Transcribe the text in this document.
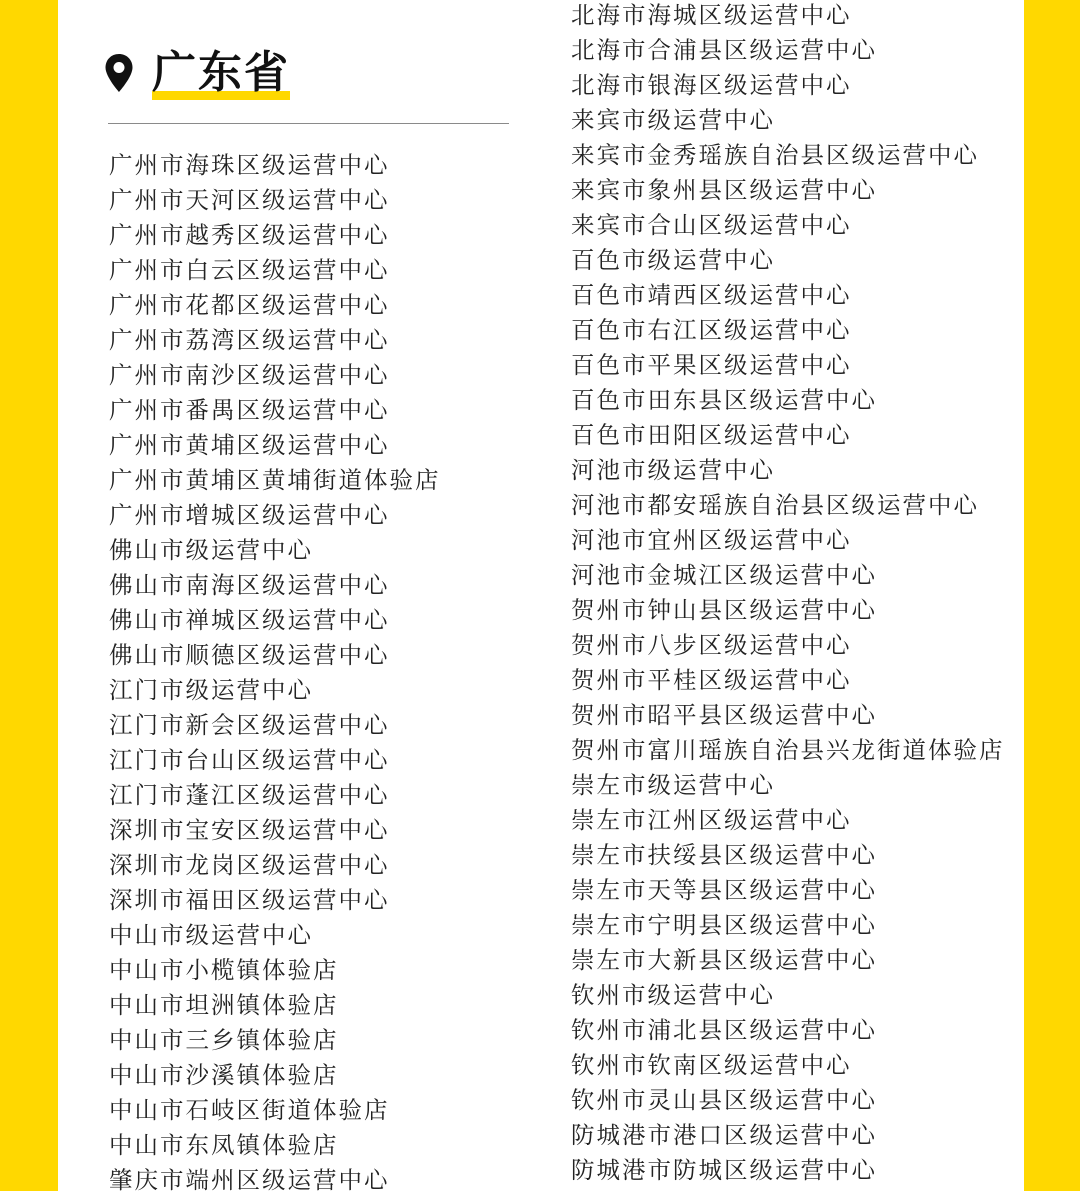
广东省
广州市海珠区级运营中心
广州市天河区级运营中心
广州市越秀区级运营中心
广州市白云区级运营中心
广州市花都区级运营中心
广州市荔湾区级运营中心
广州市南沙区级运营中心
广州市番禺区级运营中心
广州市黄埔区级运营中心
广州市黄埔区黄埔街道体验店
广州市增城区级运营中心
佛山市级运营中心
佛山市南海区级运营中心
佛山市禅城区级运营中心
佛山市顺德区级运营中心
江门市级运营中心
江门市新会区级运营中心
江门市台山区级运营中心
江门市蓬江区级运营中心
深圳市宝安区级运营中心
深圳市龙岗区级运营中心
深圳市福田区级运营中心
中山市级运营中心
中山市小榄镇体验店
中山市坦洲镇体验店
中山市三乡镇体验店
中山市沙溪镇体验店
中山市石岐区街道体验店
中山市东凤镇体验店
肇庆市端州区级运营中心
北海市海城区级运营中心
北海市合浦县区级运营中心
北海市银海区级运营中心
来宾市级运营中心
来宾市金秀瑶族自治县区级运营中心
来宾市象州县区级运营中心
来宾市合山区级运营中心
百色市级运营中心
百色市靖西区级运营中心
百色市右江区级运营中心
百色市平果区级运营中心
百色市田东县区级运营中心
百色市田阳区级运营中心
河池市级运营中心
河池市都安瑶族自治县区级运营中心
河池市宜州区级运营中心
河池市金城江区级运营中心
贺州市钟山县区级运营中心
贺州市八步区级运营中心
贺州市平桂区级运营中心
贺州市昭平县区级运营中心
贺州市富川瑶族自治县兴龙街道体验店
崇左市级运营中心
崇左市江州区级运营中心
崇左市扶绥县区级运营中心
崇左市天等县区级运营中心
崇左市宁明县区级运营中心
崇左市大新县区级运营中心
钦州市级运营中心
钦州市浦北县区级运营中心
钦州市钦南区级运营中心
钦州市灵山县区级运营中心
防城港市港口区级运营中心
防城港市防城区级运营中心
